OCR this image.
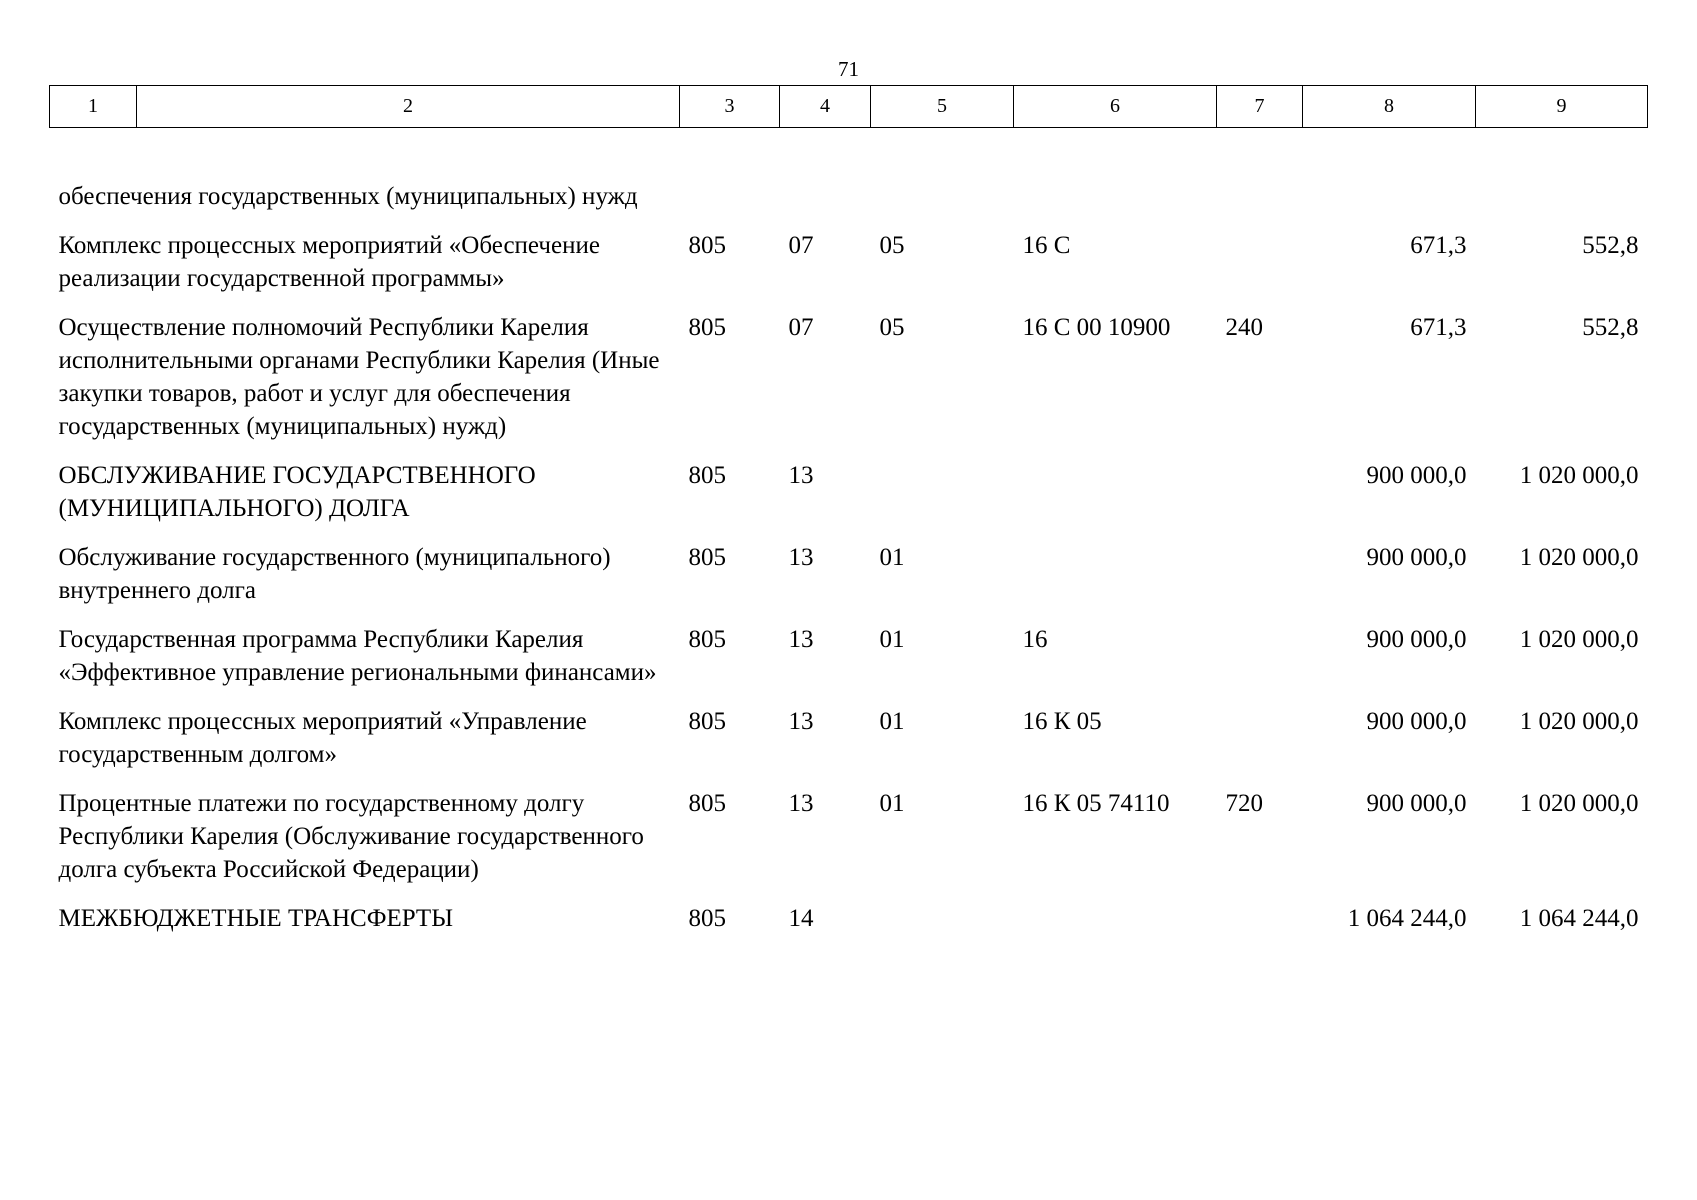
71
1	2	3	4	5	6	7	8	9
обеспечения государственных (муниципальных) нужд								
Комплекс процессных мероприятий «Обеспечение реализации государственной программы»		805	07	05	16 С		671,3	552,8
Осуществление полномочий Республики Карелия исполнительными органами Республики Карелия (Иные закупки товаров, работ и услуг для обеспечения государственных (муниципальных) нужд)		805	07	05	16 С 00 10900	240	671,3	552,8
ОБСЛУЖИВАНИЕ ГОСУДАРСТВЕННОГО (МУНИЦИПАЛЬНОГО) ДОЛГА		805	13				900 000,0	1 020 000,0
Обслуживание государственного (муниципального) внутреннего долга		805	13	01			900 000,0	1 020 000,0
Государственная программа Республики Карелия «Эффективное управление региональными финансами»		805	13	01	16		900 000,0	1 020 000,0
Комплекс процессных мероприятий «Управление государственным долгом»		805	13	01	16 К 05		900 000,0	1 020 000,0
Процентные платежи по государственному долгу Республики Карелия (Обслуживание государственного долга субъекта Российской Федерации)		805	13	01	16 К 05 74110	720	900 000,0	1 020 000,0
МЕЖБЮДЖЕТНЫЕ ТРАНСФЕРТЫ		805	14				1 064 244,0	1 064 244,0
